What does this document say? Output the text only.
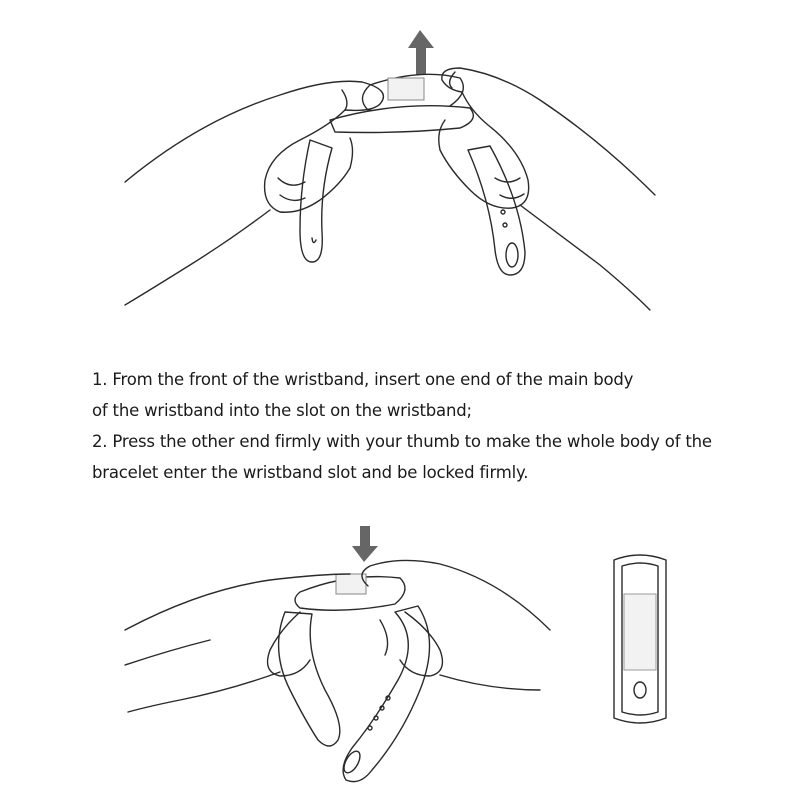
1. From the front of the wristband, insert one end of the main body
of the wristband into the slot on the wristband;
2. Press the other end firmly with your thumb to make the whole body of the
bracelet enter the wristband slot and be locked firmly.
